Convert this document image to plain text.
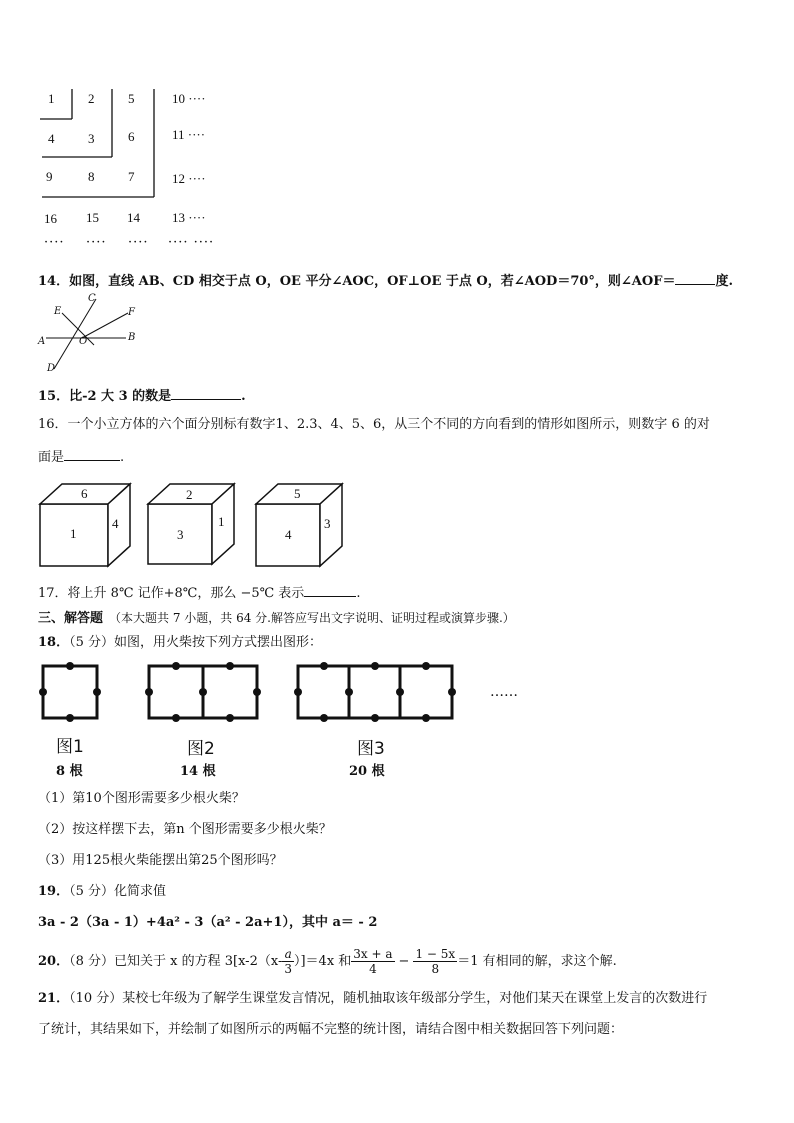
1	2	5	10 ····
4	3	6	11 ····
9	8	7	12 ····
16 15 14 13 ····
···· ···· ···· ···· ····
14．如图，直线 AB、CD 相交于点 O，OE 平分∠AOC，OF⊥OE 于点 O，若∠AOD＝70°，则∠AOF＝	度.
C
E	F
A	O	B
D
15．比-2 大 3 的数是	.
16．一个小立方体的六个面分别标有数字1、2.3、4、5、6，从三个不同的方向看到的情形如图所示，则数字 6 的对
面是	.
6
1
4
2
3
1
5
4
3
17．将上升 8℃ 记作+8℃，那么 −5℃ 表示	.
三、解答题 （本大题共 7 小题，共 64 分.解答应写出文字说明、证明过程或演算步骤.）
18．（5 分）如图，用火柴按下列方式摆出图形：
……
图1	图2	图3
8 根	14 根	20 根
（1）第10个图形需要多少根火柴？
（2）按这样摆下去，第n 个图形需要多少根火柴？
（3）用125根火柴能摆出第25个图形吗？
19．（5 分）化简求值
3a - 2（3a - 1）+4a² - 3（a² - 2a+1），其中 a＝ - 2
20．（8 分）已知关于 x 的方程 $3[x-2(x- \frac{a}{3} )]=4x$ 和 $\frac{3x + a}{4} - \frac{1 - 5x}{8} =1$ 有相同的解，求这个解.
21．（10 分）某校七年级为了解学生课堂发言情况，随机抽取该年级部分学生，对他们某天在课堂上发言的次数进行
了统计，其结果如下，并绘制了如图所示的两幅不完整的统计图，请结合图中相关数据回答下列问题：
